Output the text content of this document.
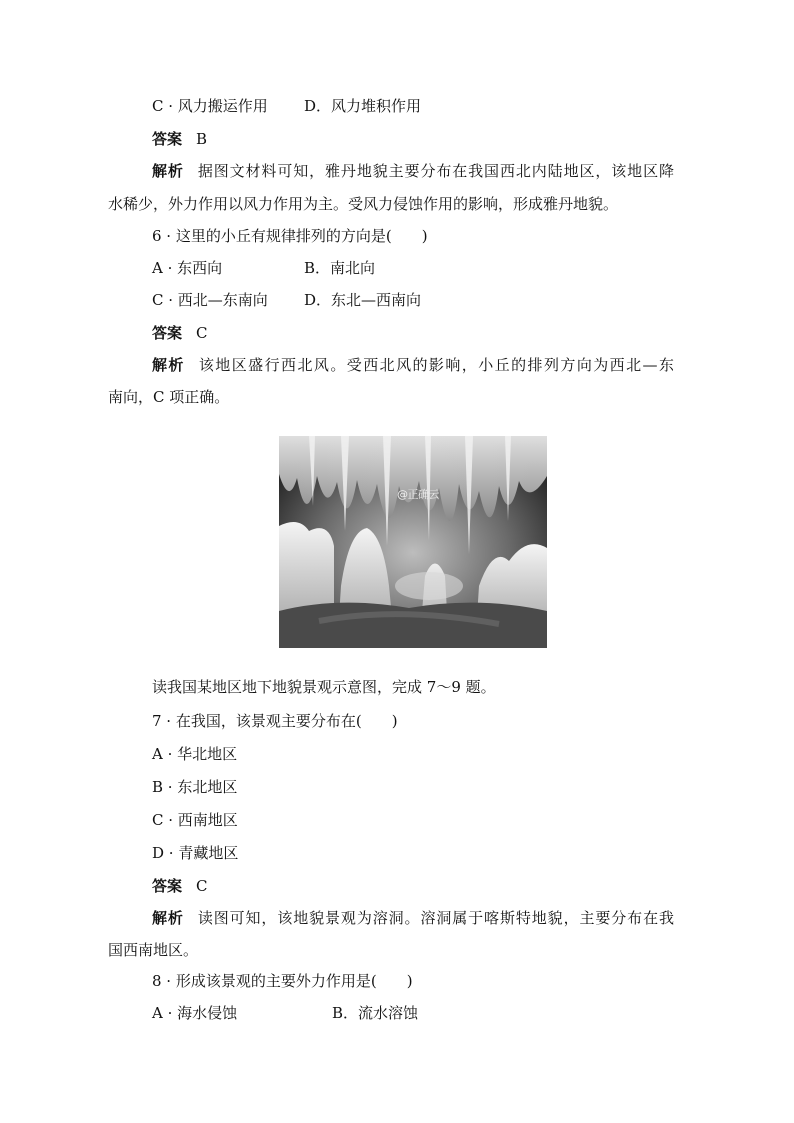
C · 风力搬运作用 D．风力堆积作用
答案 B
解析 据图文材料可知，雅丹地貌主要分布在我国西北内陆地区，该地区降
水稀少，外力作用以风力作用为主。受风力侵蚀作用的影响，形成雅丹地貌。
6 · 这里的小丘有规律排列的方向是(　　)
A · 东西向	B．南北向
C · 西北—东南向 D．东北—西南向
答案 C
解析 该地区盛行西北风。受西北风的影响，小丘的排列方向为西北—东
南向，C 项正确。
@正确云
读我国某地区地下地貌景观示意图，完成 7～9 题。
7 · 在我国，该景观主要分布在(　　)
A · 华北地区
B · 东北地区
C · 西南地区
D · 青藏地区
答案 C
解析 读图可知，该地貌景观为溶洞。溶洞属于喀斯特地貌，主要分布在我
国西南地区。
8 · 形成该景观的主要外力作用是(　　)
A · 海水侵蚀	B．流水溶蚀
